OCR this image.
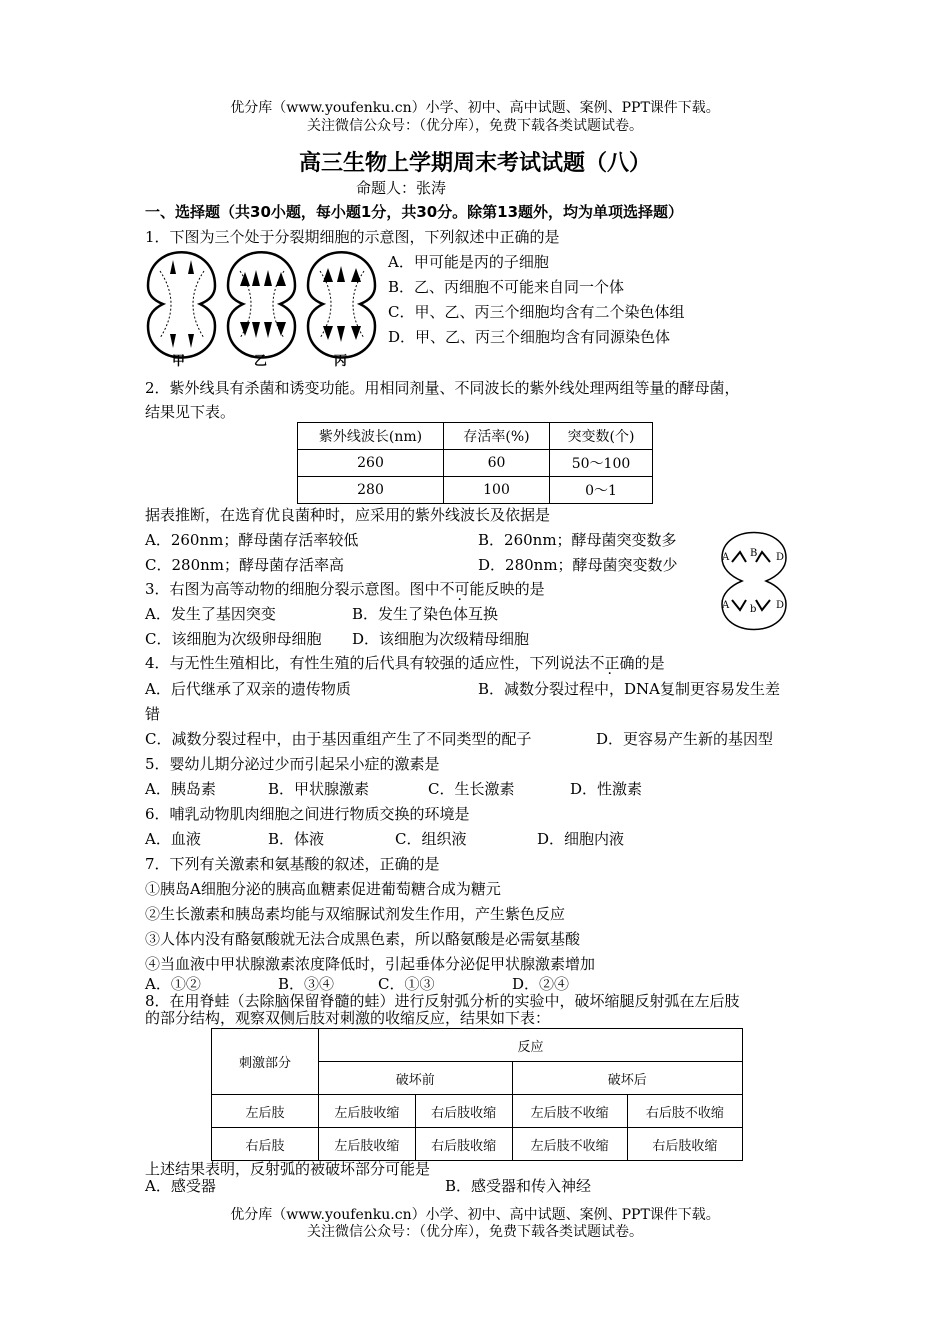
优分库（www.youfenku.cn）小学、初中、高中试题、案例、PPT课件下载。
关注微信公众号：（优分库），免费下载各类试题试卷。
高三生物上学期周末考试试题（八）
命题人：张涛
一、选择题（共30小题，每小题1分，共30分。除第13题外，均为单项选择题）
1．下图为三个处于分裂期细胞的示意图，下列叙述中正确的是
甲	乙	丙
A．甲可能是丙的子细胞
B．乙、丙细胞不可能来自同一个体
C．甲、乙、丙三个细胞均含有二个染色体组
D．甲、乙、丙三个细胞均含有同源染色体
2．紫外线具有杀菌和诱变功能。用相同剂量、不同波长的紫外线处理两组等量的酵母菌，
结果见下表。
紫外线波长(nm)	存活率(%)	突变数(个)
260	60	50～100
280	100	0～1
据表推断，在选育优良菌种时，应采用的紫外线波长及依据是
A．260nm；酵母菌存活率较低	B．260nm；酵母菌突变数多
C．280nm；酵母菌存活率高	D．280nm；酵母菌突变数少	A B D
A b D
3．右图为高等动物的细胞分裂示意图。图中不可能反映的是
A．发生了基因突变	B．发生了染色体互换
C．该细胞为次级卵母细胞 D．该细胞为次级精母细胞
4．与无性生殖相比，有性生殖的后代具有较强的适应性，下列说法不正确的是
A．后代继承了双亲的遗传物质	B．减数分裂过程中，DNA复制更容易发生差
错
C．减数分裂过程中，由于基因重组产生了不同类型的配子	D．更容易产生新的基因型
5．婴幼儿期分泌过少而引起呆小症的激素是
A．胰岛素	B．甲状腺激素	C．生长激素	D．性激素
6．哺乳动物肌肉细胞之间进行物质交换的环境是
A．血液	B．体液	C．组织液	D．细胞内液
7．下列有关激素和氨基酸的叙述，正确的是
①胰岛A细胞分泌的胰高血糖素促进葡萄糖合成为糖元
②生长激素和胰岛素均能与双缩脲试剂发生作用，产生紫色反应
③人体内没有酪氨酸就无法合成黑色素，所以酪氨酸是必需氨基酸
④当血液中甲状腺激素浓度降低时，引起垂体分泌促甲状腺激素增加
A．①②	B．③④	C．①③	D．②④
8．在用脊蛙（去除脑保留脊髓的蛙）进行反射弧分析的实验中，破坏缩腿反射弧在左后肢
的部分结构，观察双侧后肢对刺激的收缩反应，结果如下表：
刺激部分	反应			
	破坏前		破坏后	
左后肢	左后肢收缩	右后肢收缩	左后肢不收缩	右后肢不收缩
右后肢	左后肢收缩	右后肢收缩	左后肢不收缩	右后肢收缩
上述结果表明，反射弧的被破坏部分可能是
A．感受器	B．感受器和传入神经
优分库（www.youfenku.cn）小学、初中、高中试题、案例、PPT课件下载。
关注微信公众号：（优分库），免费下载各类试题试卷。
